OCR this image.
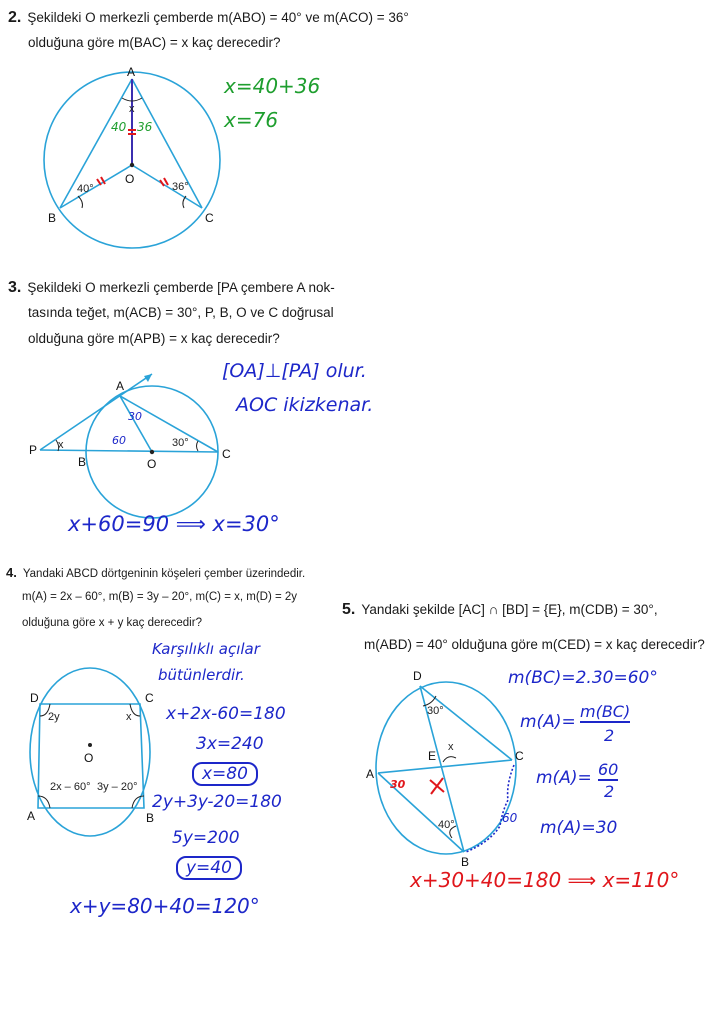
2. Şekildeki O merkezli çemberde m(ABO) = 40° ve m(ACO) = 36°
olduğuna göre m(BAC) = x kaç derecedir?
A
B	C
O
x
40°	36°
40 36
A
P
B	O
C
x	30°
30
60
D	C
A	B
O
2y	x
2x – 60° 3y – 20°
D
A
C
B
E
x
30°
40°
30
60
x=40+36
x=76
3. Şekildeki O merkezli çemberde [PA çembere A nok-
tasında teğet, m(ACB) = 30°, P, B, O ve C doğrusal
olduğuna göre m(APB) = x kaç derecedir?
[OA]⊥[PA] olur.
AOC ikizkenar.
x+60=90 ⟹ x=30°
4. Yandaki ABCD dörtgeninin köşeleri çember üzerindedir.
m(A) = 2x – 60°, m(B) = 3y – 20°, m(C) = x, m(D) = 2y
olduğuna göre x + y kaç derecedir?
Karşılıklı açılar
bütünlerdir.
x+2x-60=180
3x=240
x=80
2y+3y-20=180
5y=200
y=40
x+y=80+40=120°
5. Yandaki şekilde [AC] ∩ [BD] = {E}, m(CDB) = 30°,
m(ABD) = 40° olduğuna göre m(CED) = x kaç derecedir?
m(BC)=2.30=60°
m(A)=
m(BC)
2
m(A)= 60
2
m(A)=30
x+30+40=180 ⟹ x=110°
